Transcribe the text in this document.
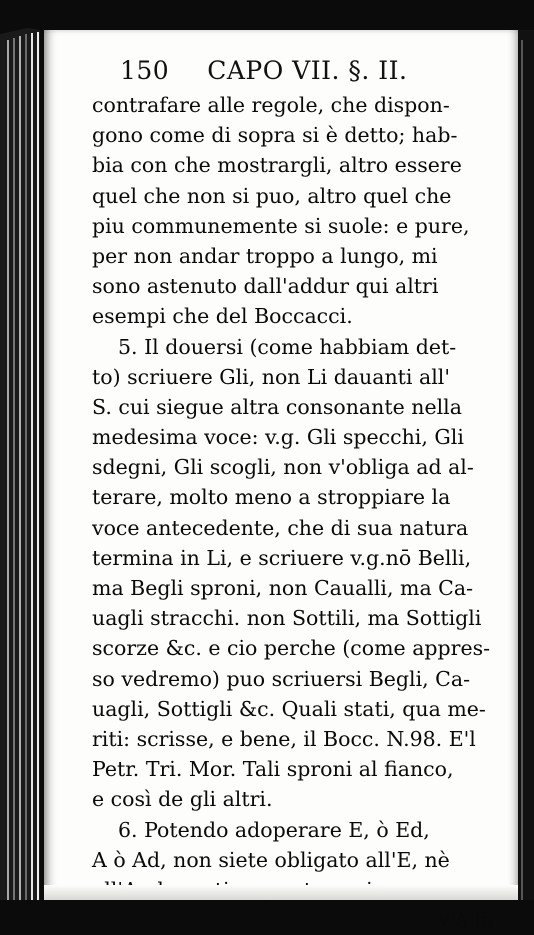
150 CAPO VII. §. II.
contrafare alle regole, che dispon-
gono come di sopra si è detto; hab-
bia con che mostrargli, altro essere
quel che non si puo, altro quel che
piu communemente si suole: e pure,
per non andar troppo a lungo, mi
sono astenuto dall'addur qui altri
esempi che del Boccacci.
5. Il douersi (come habbiam det-
to) scriuere Gli, non Li dauanti all'
S. cui siegue altra consonante nella
medesima voce: v.g. Gli specchi, Gli
sdegni, Gli scogli, non v'obliga ad al-
terare, molto meno a stroppiare la
voce antecedente, che di sua natura
termina in Li, e scriuere v.g.nō Belli,
ma Begli sproni, non Caualli, ma Ca-
uagli stracchi. non Sottili, ma Sottigli
scorze &c. e cio perche (come appres-
so vedremo) puo scriuersi Begli, Ca-
uagli, Sottigli &c. Quali stati, qua me-
riti: scrisse, e bene, il Bocc. N.98. E'l
Petr. Tri. Mor. Tali sproni al fianco,
e così de gli altri.
6. Potendo adoperare E, ò Ed,
A ò Ad, non siete obligato all'E, nè
v'è in
